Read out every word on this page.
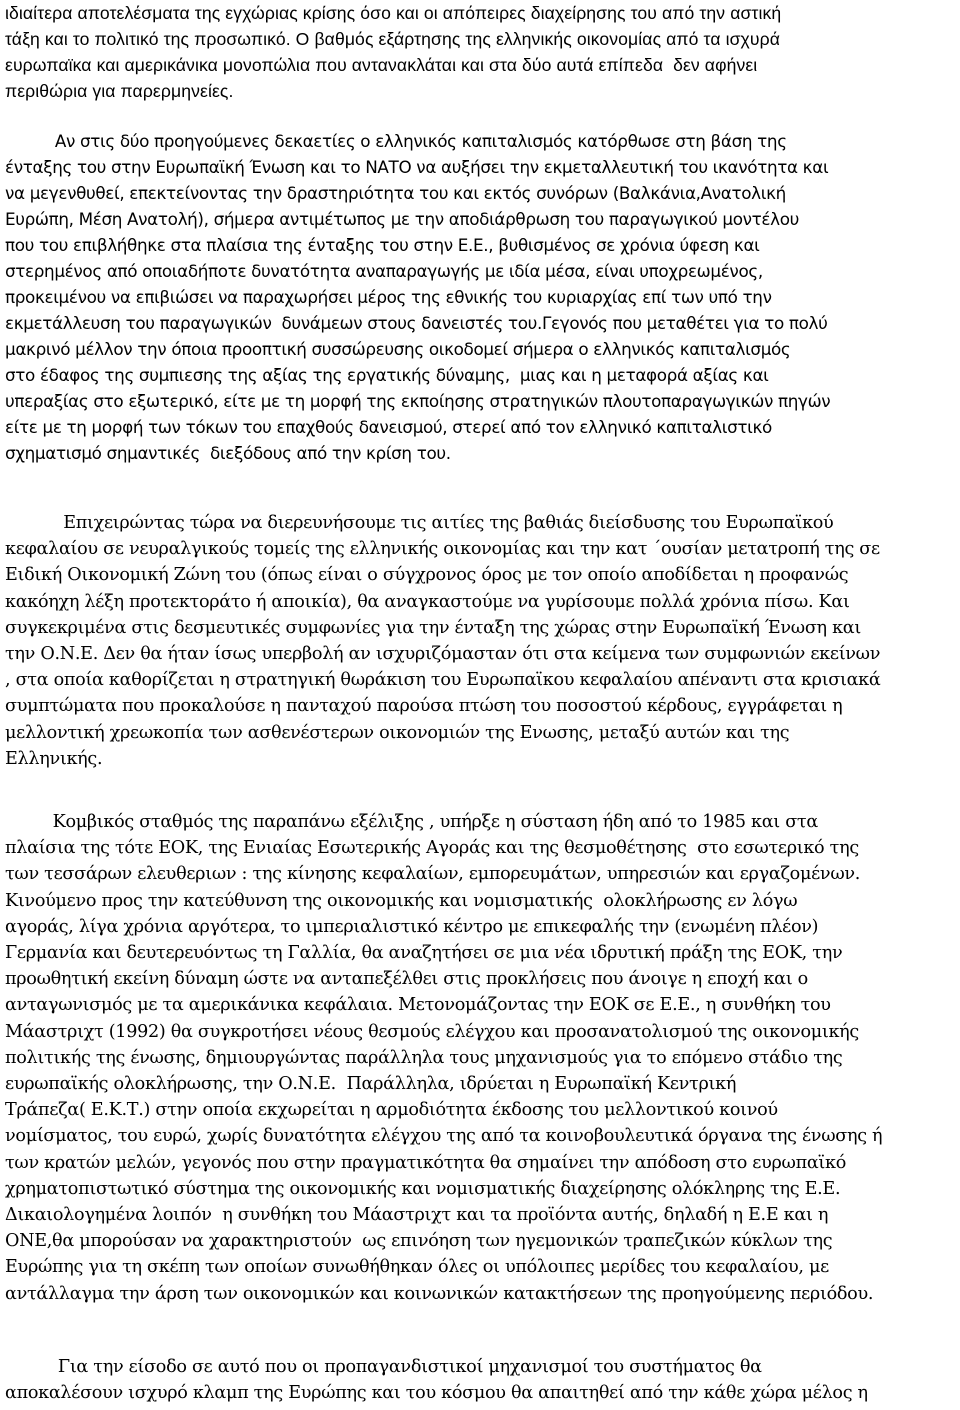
ιδιαίτερα αποτελέσματα της εγχώριας κρίσης όσο και οι απόπειρες διαχείρησης του από την αστική
τάξη και το πολιτικό της προσωπικό. Ο βαθμός εξάρτησης της ελληνικής οικονομίας από τα ισχυρά
ευρωπαϊκα και αμερικάνικα μονοπώλια που αντανακλάται και στα δύο αυτά επίπεδα  δεν αφήνει
περιθώρια για παρερμηνείες.
Αν στις δύο προηγούμενες δεκαετίες ο ελληνικός καπιταλισμός κατόρθωσε στη βάση της
ένταξης του στην Ευρωπαϊκή Ένωση και το ΝΑΤΟ να αυξήσει την εκμεταλλευτική του ικανότητα και
να μεγενθυθεί, επεκτείνοντας την δραστηριότητα του και εκτός συνόρων (Βαλκάνια,Ανατολική
Ευρώπη, Μέση Ανατολή), σήμερα αντιμέτωπος με την αποδιάρθρωση του παραγωγικού μοντέλου
που του επιβλήθηκε στα πλαίσια της ένταξης του στην Ε.Ε., βυθισμένος σε χρόνια ύφεση και
στερημένος από οποιαδήποτε δυνατότητα αναπαραγωγής με ιδία μέσα, είναι υποχρεωμένος,
προκειμένου να επιβιώσει να παραχωρήσει μέρος της εθνικής του κυριαρχίας επί των υπό την
εκμετάλλευση του παραγωγικών  δυνάμεων στους δανειστές του.Γεγονός που μεταθέτει για το πολύ
μακρινό μέλλον την όποια προοπτική συσσώρευσης οικοδομεί σήμερα ο ελληνικός καπιταλισμός
στο έδαφος της συμπιεσης της αξίας της εργατικής δύναμης,  μιας και η μεταφορά αξίας και
υπεραξίας στο εξωτερικό, είτε με τη μορφή της εκποίησης στρατηγικών πλουτοπαραγωγικών πηγών
είτε με τη μορφή των τόκων του επαχθούς δανεισμού, στερεί από τον ελληνικό καπιταλιστικό
σχηματισμό σημαντικές  διεξόδους από την κρίση του.
Επιχειρώντας τώρα να διερευνήσουμε τις αιτίες της βαθιάς διείσδυσης του Ευρωπαϊκού
κεφαλαίου σε νευραλγικούς τομείς της ελληνικής οικονομίας και την κατ ΄ουσίαν μετατροπή της σε
Ειδική Οικονομική Ζώνη του (όπως είναι ο σύγχρονος όρος με τον οποίο αποδίδεται η προφανώς
κακόηχη λέξη προτεκτοράτο ή αποικία), θα αναγκαστούμε να γυρίσουμε πολλά χρόνια πίσω. Και
συγκεκριμένα στις δεσμευτικές συμφωνίες για την ένταξη της χώρας στην Ευρωπαϊκή Ένωση και
την Ο.Ν.Ε. Δεν θα ήταν ίσως υπερβολή αν ισχυριζόμασταν ότι στα κείμενα των συμφωνιών εκείνων
, στα οποία καθορίζεται η στρατηγική θωράκιση του Ευρωπαϊκου κεφαλαίου απέναντι στα κρισιακά
συμπτώματα που προκαλούσε η πανταχού παρούσα πτώση του ποσοστού κέρδους, εγγράφεται η
μελλοντική χρεωκοπία των ασθενέστερων οικονομιών της Ενωσης, μεταξύ αυτών και της
Ελληνικής.
Κομβικός σταθμός της παραπάνω εξέλιξης , υπήρξε η σύσταση ήδη από το 1985 και στα
πλαίσια της τότε ΕΟΚ, της Ενιαίας Εσωτερικής Αγοράς και της θεσμοθέτησης  στο εσωτερικό της
των τεσσάρων ελευθεριων : της κίνησης κεφαλαίων, εμπορευμάτων, υπηρεσιών και εργαζομένων.
Κινούμενο προς την κατεύθυνση της οικονομικής και νομισματικής  ολοκλήρωσης εν λόγω
αγοράς, λίγα χρόνια αργότερα, το ιμπεριαλιστικό κέντρο με επικεφαλής την (ενωμένη πλέον)
Γερμανία και δευτερευόντως τη Γαλλία, θα αναζητήσει σε μια νέα ιδρυτική πράξη της ΕΟΚ, την
προωθητική εκείνη δύναμη ώστε να ανταπεξέλθει στις προκλήσεις που άνοιγε η εποχή και ο
ανταγωνισμός με τα αμερικάνικα κεφάλαια. Μετονομάζοντας την ΕΟΚ σε Ε.Ε., η συνθήκη του
Μάαστριχτ (1992) θα συγκροτήσει νέους θεσμούς ελέγχου και προσανατολισμού της οικονομικής
πολιτικής της ένωσης, δημιουργώντας παράλληλα τους μηχανισμούς για το επόμενο στάδιο της
ευρωπαϊκής ολοκλήρωσης, την Ο.Ν.Ε.  Παράλληλα, ιδρύεται η Ευρωπαϊκή Κεντρική
Τράπεζα( Ε.Κ.Τ.) στην οποία εκχωρείται η αρμοδιότητα έκδοσης του μελλοντικού κοινού
νομίσματος, του ευρώ, χωρίς δυνατότητα ελέγχου της από τα κοινοβουλευτικά όργανα της ένωσης ή
των κρατών μελών, γεγονός που στην πραγματικότητα θα σημαίνει την απόδοση στο ευρωπαϊκό
χρηματοπιστωτικό σύστημα της οικονομικής και νομισματικής διαχείρησης ολόκληρης της Ε.Ε.
Δικαιολογημένα λοιπόν  η συνθήκη του Μάαστριχτ και τα προϊόντα αυτής, δηλαδή η Ε.Ε και η
ΟΝΕ,θα μπορούσαν να χαρακτηριστούν  ως επινόηση των ηγεμονικών τραπεζικών κύκλων της
Ευρώπης για τη σκέπη των οποίων συνωθήθηκαν όλες οι υπόλοιπες μερίδες του κεφαλαίου, με
αντάλλαγμα την άρση των οικονομικών και κοινωνικών κατακτήσεων της προηγούμενης περιόδου.
Για την είσοδο σε αυτό που οι προπαγανδιστικοί μηχανισμοί του συστήματος θα
αποκαλέσουν ισχυρό κλαμπ της Ευρώπης και του κόσμου θα απαιτηθεί από την κάθε χώρα μέλος η
